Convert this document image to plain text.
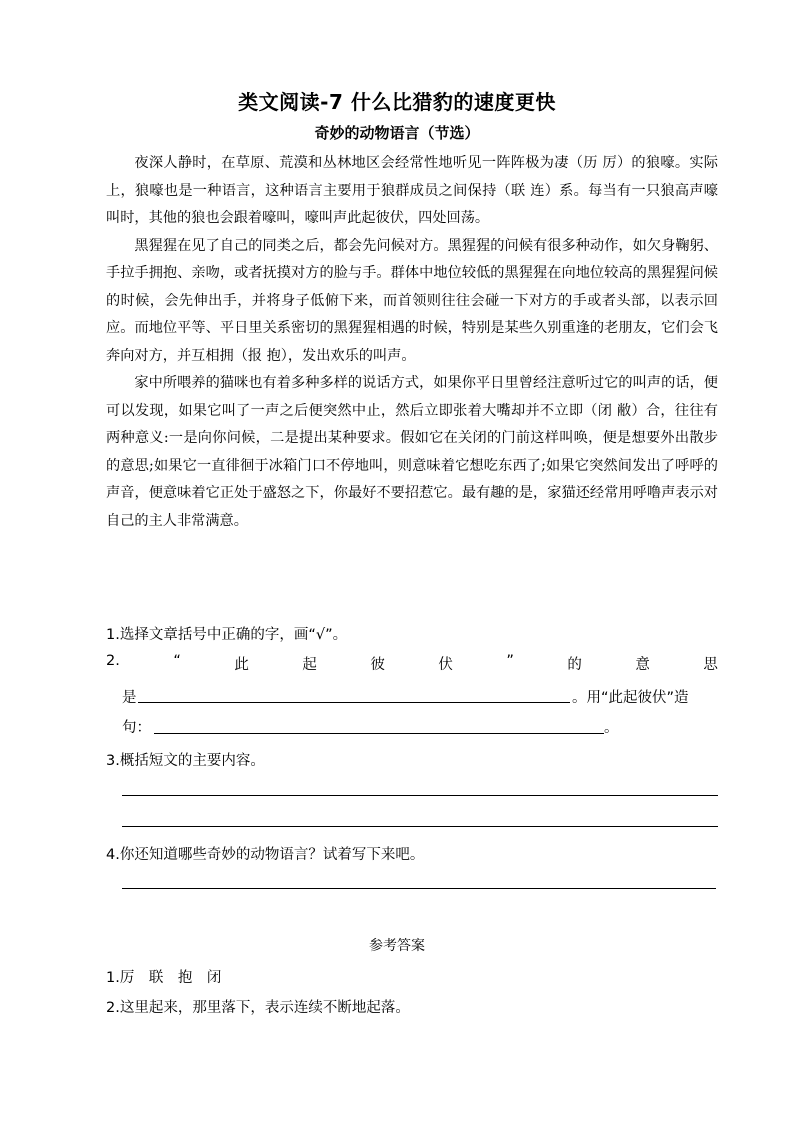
类文阅读-7 什么比猎豹的速度更快
奇妙的动物语言（节选）

夜深人静时，在草原、荒漠和丛林地区会经常性地听见一阵阵极为凄（历 厉）的狼嚎。实际上，狼嚎也是一种语言，这种语言主要用于狼群成员之间保持（联 连）系。每当有一只狼高声嚎叫时，其他的狼也会跟着嚎叫，嚎叫声此起彼伏，四处回荡。

黑猩猩在见了自己的同类之后，都会先问候对方。黑猩猩的问候有很多种动作，如欠身鞠躬、手拉手拥抱、亲吻，或者抚摸对方的脸与手。群体中地位较低的黑猩猩在向地位较高的黑猩猩问候的时候，会先伸出手，并将身子低俯下来，而首领则往往会碰一下对方的手或者头部，以表示回应。而地位平等、平日里关系密切的黑猩猩相遇的时候，特别是某些久别重逢的老朋友，它们会飞奔向对方，并互相拥（报 抱），发出欢乐的叫声。

家中所喂养的猫咪也有着多种多样的说话方式，如果你平日里曾经注意听过它的叫声的话，便可以发现，如果它叫了一声之后便突然中止，然后立即张着大嘴却并不立即（闭 敝）合，往往有两种意义:一是向你问候，二是提出某种要求。假如它在关闭的门前这样叫唤，便是想要外出散步的意思;如果它一直徘徊于冰箱门口不停地叫，则意味着它想吃东西了;如果它突然间发出了呼呼的声音，便意味着它正处于盛怒之下，你最好不要招惹它。最有趣的是，家猫还经常用呼噜声表示对自己的主人非常满意。

1.选择文章括号中正确的字，画“√”。
2.	“	此	起	彼	伏	”	的	意	思
是	。用“此起彼伏”造
句：	。
3.概括短文的主要内容。
4.你还知道哪些奇妙的动物语言？试着写下来吧。
参考答案
1.厉　联　抱　闭
2.这里起来，那里落下，表示连续不断地起落。
